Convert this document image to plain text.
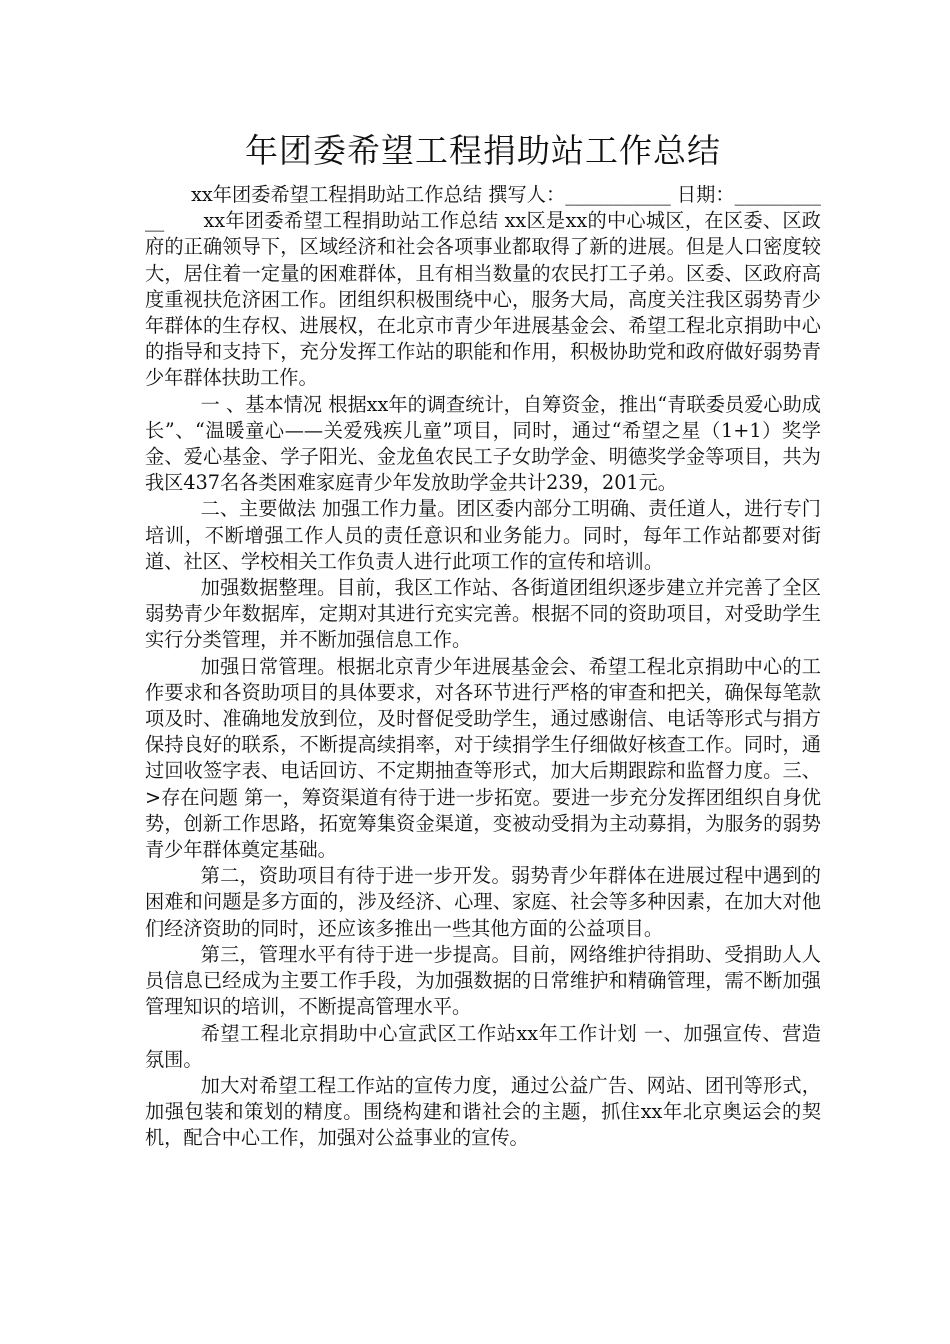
年团委希望工程捐助站工作总结

xx年团委希望工程捐助站工作总结 撰写人：___________ 日期：___________　　xx年团委希望工程捐助站工作总结 xx区是xx的中心城区，在区委、区政府的正确领导下，区域经济和社会各项事业都取得了新的进展。但是人口密度较大，居住着一定量的困难群体，且有相当数量的农民打工子弟。区委、区政府高度重视扶危济困工作。团组织积极围绕中心，服务大局，高度关注我区弱势青少年群体的生存权、进展权，在北京市青少年进展基金会、希望工程北京捐助中心的指导和支持下，充分发挥工作站的职能和作用，积极协助党和政府做好弱势青少年群体扶助工作。

一 、基本情况 根据xx年的调查统计，自筹资金，推出“青联委员爱心助成长”、“温暖童心——关爱残疾儿童”项目，同时，通过“希望之星（1+1）奖学金、爱心基金、学子阳光、金龙鱼农民工子女助学金、明德奖学金等项目，共为我区437名各类困难家庭青少年发放助学金共计239，201元。

二、主要做法 加强工作力量。团区委内部分工明确、责任道人，进行专门培训，不断增强工作人员的责任意识和业务能力。同时，每年工作站都要对街道、社区、学校相关工作负责人进行此项工作的宣传和培训。

加强数据整理。目前，我区工作站、各街道团组织逐步建立并完善了全区弱势青少年数据库，定期对其进行充实完善。根据不同的资助项目，对受助学生实行分类管理，并不断加强信息工作。

加强日常管理。根据北京青少年进展基金会、希望工程北京捐助中心的工作要求和各资助项目的具体要求，对各环节进行严格的审查和把关，确保每笔款项及时、准确地发放到位，及时督促受助学生，通过感谢信、电话等形式与捐方保持良好的联系，不断提高续捐率，对于续捐学生仔细做好核查工作。同时，通过回收签字表、电话回访、不定期抽查等形式，加大后期跟踪和监督力度。三、>存在问题 第一，筹资渠道有待于进一步拓宽。要进一步充分发挥团组织自身优势，创新工作思路，拓宽筹集资金渠道，变被动受捐为主动募捐，为服务的弱势青少年群体奠定基础。

第二，资助项目有待于进一步开发。弱势青少年群体在进展过程中遇到的困难和问题是多方面的，涉及经济、心理、家庭、社会等多种因素，在加大对他们经济资助的同时，还应该多推出一些其他方面的公益项目。

第三，管理水平有待于进一步提高。目前，网络维护待捐助、受捐助人人员信息已经成为主要工作手段，为加强数据的日常维护和精确管理，需不断加强管理知识的培训，不断提高管理水平。

希望工程北京捐助中心宣武区工作站xx年工作计划 一、加强宣传、营造氛围。

加大对希望工程工作站的宣传力度，通过公益广告、网站、团刊等形式，加强包装和策划的精度。围绕构建和谐社会的主题，抓住xx年北京奥运会的契机，配合中心工作，加强对公益事业的宣传。
